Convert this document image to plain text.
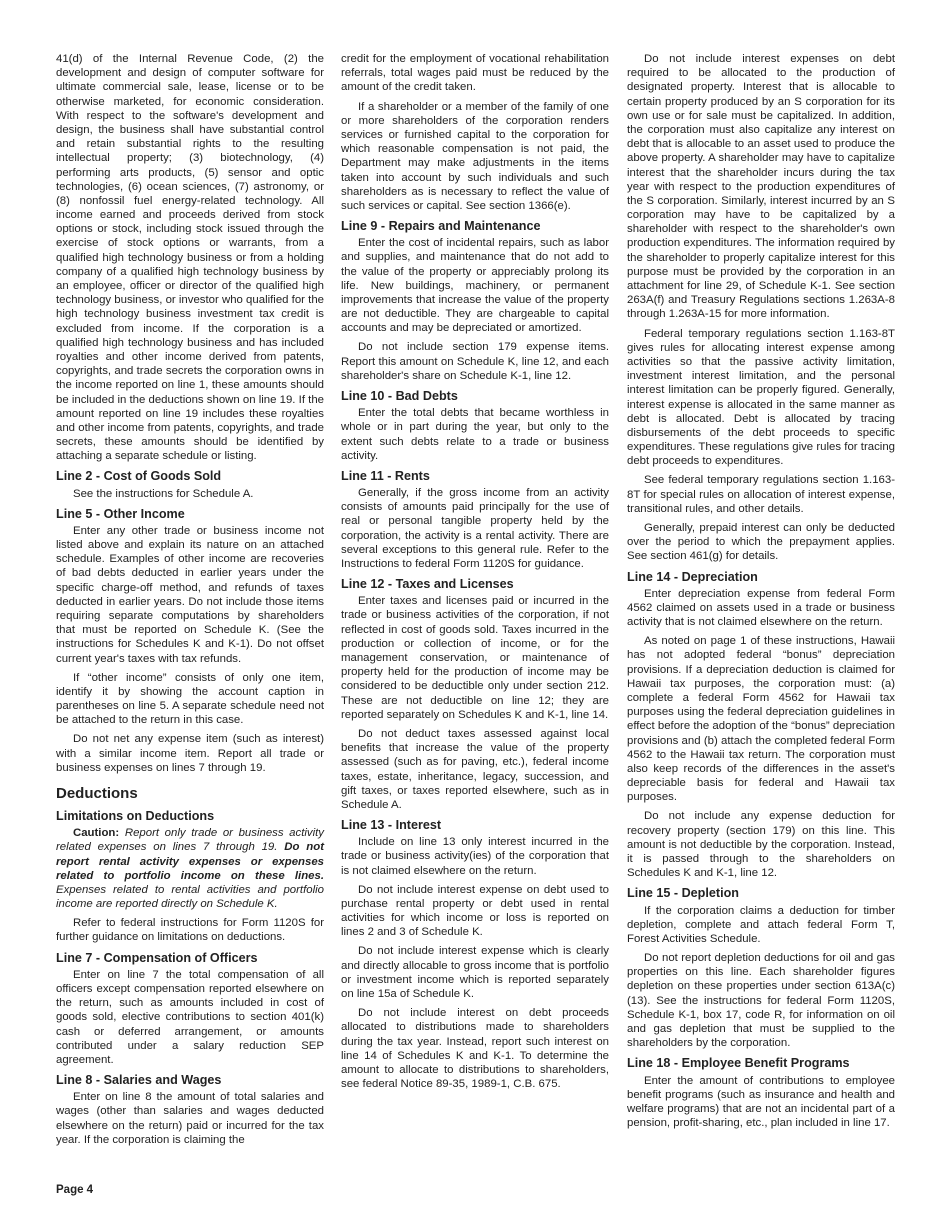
41(d) of the Internal Revenue Code, (2) the development and design of computer software for ultimate commercial sale, lease, license or to be otherwise marketed, for economic consideration. With respect to the software's development and design, the business shall have substantial control and retain substantial rights to the resulting intellectual property; (3) biotechnology, (4) performing arts products, (5) sensor and optic technologies, (6) ocean sciences, (7) astronomy, or (8) nonfossil fuel energy-related technology. All income earned and proceeds derived from stock options or stock, including stock issued through the exercise of stock options or warrants, from a qualified high technology business or from a holding company of a qualified high technology business by an employee, officer or director of the qualified high technology business, or investor who qualified for the high technology business investment tax credit is excluded from income. If the corporation is a qualified high technology business and has included royalties and other income derived from patents, copyrights, and trade secrets the corporation owns in the income reported on line 1, these amounts should be included in the deductions shown on line 19. If the amount reported on line 19 includes these royalties and other income from patents, copyrights, and trade secrets, these amounts should be identified by attaching a separate schedule or listing.

Line 2 - Cost of Goods Sold

See the instructions for Schedule A.

Line 5 - Other Income

Enter any other trade or business income not listed above and explain its nature on an attached schedule. Examples of other income are recoveries of bad debts deducted in earlier years under the specific charge-off method, and refunds of taxes deducted in earlier years. Do not include those items requiring separate computations by shareholders that must be reported on Schedule K. (See the instructions for Schedules K and K-1). Do not offset current year's taxes with tax refunds.

If “other income” consists of only one item, identify it by showing the account caption in parentheses on line 5. A separate schedule need not be attached to the return in this case.

Do not net any expense item (such as interest) with a similar income item. Report all trade or business expenses on lines 7 through 19.

Deductions
Limitations on Deductions

Caution: Report only trade or business activity related expenses on lines 7 through 19. Do not report rental activity expenses or expenses related to portfolio income on these lines. Expenses related to rental activities and portfolio income are reported directly on Schedule K.

Refer to federal instructions for Form 1120S for further guidance on limitations on deductions.

Line 7 - Compensation of Officers

Enter on line 7 the total compensation of all officers except compensation reported elsewhere on the return, such as amounts included in cost of goods sold, elective contributions to section 401(k) cash or deferred arrangement, or amounts contributed under a salary reduction SEP agreement.

Line 8 - Salaries and Wages

Enter on line 8 the amount of total salaries and wages (other than salaries and wages deducted elsewhere on the return) paid or incurred for the tax year. If the corporation is claiming the

credit for the employment of vocational rehabilitation referrals, total wages paid must be reduced by the amount of the credit taken.

If a shareholder or a member of the family of one or more shareholders of the corporation renders services or furnished capital to the corporation for which reasonable compensation is not paid, the Department may make adjustments in the items taken into account by such individuals and such shareholders as is necessary to reflect the value of such services or capital. See section 1366(e).

Line 9 - Repairs and Maintenance

Enter the cost of incidental repairs, such as labor and supplies, and maintenance that do not add to the value of the property or appreciably prolong its life. New buildings, machinery, or permanent improvements that increase the value of the property are not deductible. They are chargeable to capital accounts and may be depreciated or amortized.

Do not include section 179 expense items. Report this amount on Schedule K, line 12, and each shareholder's share on Schedule K-1, line 12.

Line 10 - Bad Debts

Enter the total debts that became worthless in whole or in part during the year, but only to the extent such debts relate to a trade or business activity.

Line 11 - Rents

Generally, if the gross income from an activity consists of amounts paid principally for the use of real or personal tangible property held by the corporation, the activity is a rental activity. There are several exceptions to this general rule. Refer to the Instructions to federal Form 1120S for guidance.

Line 12 - Taxes and Licenses

Enter taxes and licenses paid or incurred in the trade or business activities of the corporation, if not reflected in cost of goods sold. Taxes incurred in the production or collection of income, or for the management conservation, or maintenance of property held for the production of income may be considered to be deductible only under section 212. These are not deductible on line 12; they are reported separately on Schedules K and K-1, line 14.

Do not deduct taxes assessed against local benefits that increase the value of the property assessed (such as for paving, etc.), federal income taxes, estate, inheritance, legacy, succession, and gift taxes, or taxes reported elsewhere, such as in Schedule A.

Line 13 - Interest

Include on line 13 only interest incurred in the trade or business activity(ies) of the corporation that is not claimed elsewhere on the return.

Do not include interest expense on debt used to purchase rental property or debt used in rental activities for which income or loss is reported on lines 2 and 3 of Schedule K.

Do not include interest expense which is clearly and directly allocable to gross income that is portfolio or investment income which is reported separately on line 15a of Schedule K.

Do not include interest on debt proceeds allocated to distributions made to shareholders during the tax year. Instead, report such interest on line 14 of Schedules K and K-1. To determine the amount to allocate to distributions to shareholders, see federal Notice 89-35, 1989-1, C.B. 675.

Do not include interest expenses on debt required to be allocated to the production of designated property. Interest that is allocable to certain property produced by an S corporation for its own use or for sale must be capitalized. In addition, the corporation must also capitalize any interest on debt that is allocable to an asset used to produce the above property. A shareholder may have to capitalize interest that the shareholder incurs during the tax year with respect to the production expenditures of the S corporation. Similarly, interest incurred by an S corporation may have to be capitalized by a shareholder with respect to the shareholder's own production expenditures. The information required by the shareholder to properly capitalize interest for this purpose must be provided by the corporation in an attachment for line 29, of Schedule K-1. See section 263A(f) and Treasury Regulations sections 1.263A-8 through 1.263A-15 for more information.

Federal temporary regulations section 1.163-8T gives rules for allocating interest expense among activities so that the passive activity limitation, investment interest limitation, and the personal interest limitation can be properly figured. Generally, interest expense is allocated in the same manner as debt is allocated. Debt is allocated by tracing disbursements of the debt proceeds to specific expenditures. These regulations give rules for tracing debt proceeds to expenditures.

See federal temporary regulations section 1.163-8T for special rules on allocation of interest expense, transitional rules, and other details.

Generally, prepaid interest can only be deducted over the period to which the prepayment applies. See section 461(g) for details.

Line 14 - Depreciation

Enter depreciation expense from federal Form 4562 claimed on assets used in a trade or business activity that is not claimed elsewhere on the return.

As noted on page 1 of these instructions, Hawaii has not adopted federal “bonus” depreciation provisions. If a depreciation deduction is claimed for Hawaii tax purposes, the corporation must: (a) complete a federal Form 4562 for Hawaii tax purposes using the federal depreciation guidelines in effect before the adoption of the “bonus” depreciation provisions and (b) attach the completed federal Form 4562 to the Hawaii tax return. The corporation must also keep records of the differences in the asset's depreciable basis for federal and Hawaii tax purposes.

Do not include any expense deduction for recovery property (section 179) on this line. This amount is not deductible by the corporation. Instead, it is passed through to the shareholders on Schedules K and K-1, line 12.

Line 15 - Depletion

If the corporation claims a deduction for timber depletion, complete and attach federal Form T, Forest Activities Schedule.

Do not report depletion deductions for oil and gas properties on this line. Each shareholder figures depletion on these properties under section 613A(c)(13). See the instructions for federal Form 1120S, Schedule K-1, box 17, code R, for information on oil and gas depletion that must be supplied to the shareholders by the corporation.

Line 18 - Employee Benefit Programs

Enter the amount of contributions to employee benefit programs (such as insurance and health and welfare programs) that are not an incidental part of a pension, profit-sharing, etc., plan included in line 17.

Page 4
